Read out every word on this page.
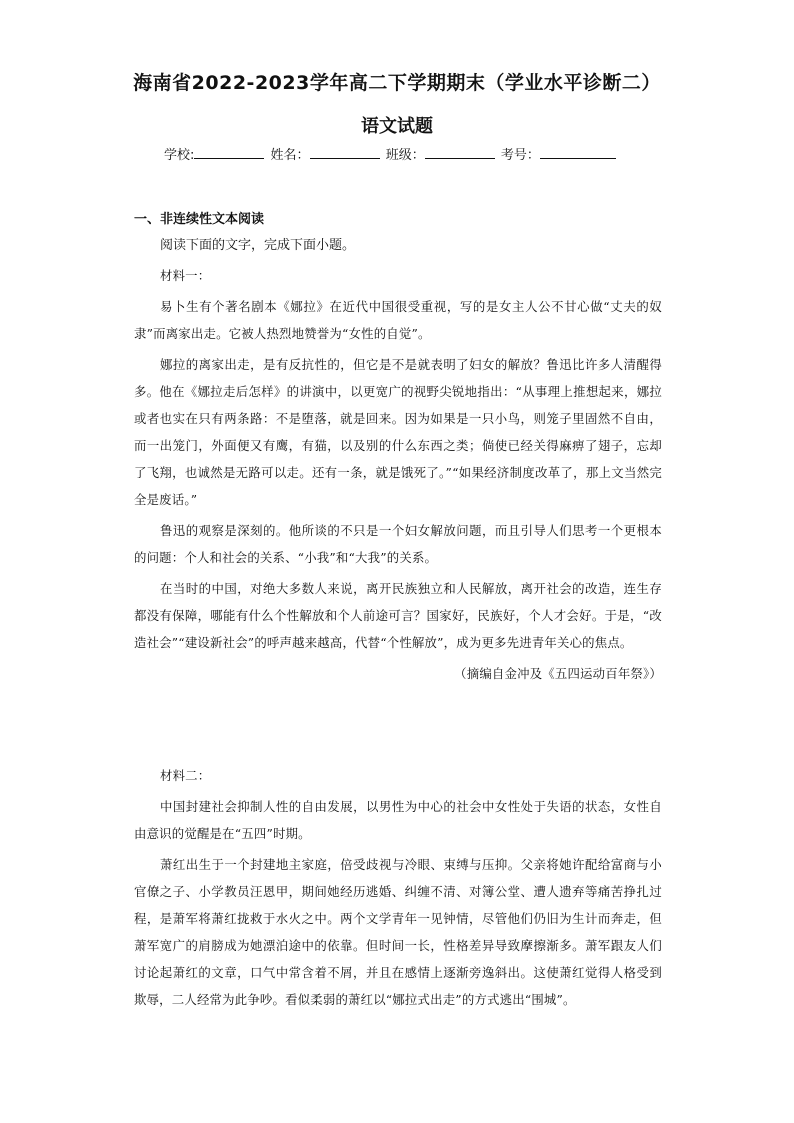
海南省2022-2023学年高二下学期期末（学业水平诊断二）
语文试题
学校:	姓名：	班级：	考号：
一、非连续性文本阅读
阅读下面的文字，完成下面小题。

材料一：

易卜生有个著名剧本《娜拉》在近代中国很受重视，写的是女主人公不甘心做“丈夫的奴隶”而离家出走。它被人热烈地赞誉为“女性的自觉”。

娜拉的离家出走，是有反抗性的，但它是不是就表明了妇女的解放？鲁迅比许多人清醒得多。他在《娜拉走后怎样》的讲演中，以更宽广的视野尖锐地指出：“从事理上推想起来，娜拉或者也实在只有两条路：不是堕落，就是回来。因为如果是一只小鸟，则笼子里固然不自由，而一出笼门，外面便又有鹰，有猫，以及别的什么东西之类；倘使已经关得麻痹了翅子，忘却了飞翔，也诚然是无路可以走。还有一条，就是饿死了。”“如果经济制度改革了，那上文当然完全是废话。”

鲁迅的观察是深刻的。他所谈的不只是一个妇女解放问题，而且引导人们思考一个更根本的问题：个人和社会的关系、“小我”和“大我”的关系。

在当时的中国，对绝大多数人来说，离开民族独立和人民解放，离开社会的改造，连生存都没有保障，哪能有什么个性解放和个人前途可言？国家好，民族好，个人才会好。于是，“改造社会”“建设新社会”的呼声越来越高，代替“个性解放”，成为更多先进青年关心的焦点。

（摘编自金冲及《五四运动百年祭》）

材料二：

中国封建社会抑制人性的自由发展，以男性为中心的社会中女性处于失语的状态，女性自由意识的觉醒是在“五四”时期。

萧红出生于一个封建地主家庭，倍受歧视与冷眼、束缚与压抑。父亲将她许配给富商与小官僚之子、小学教员汪恩甲，期间她经历逃婚、纠缠不清、对簿公堂、遭人遗弃等痛苦挣扎过程，是萧军将萧红拢救于水火之中。两个文学青年一见钟情，尽管他们仍旧为生计而奔走，但萧军宽广的肩膀成为她漂泊途中的依靠。但时间一长，性格差异导致摩擦渐多。萧军跟友人们讨论起萧红的文章，口气中常含着不屑，并且在感情上逐渐旁逸斜出。这使萧红觉得人格受到欺辱，二人经常为此争吵。看似柔弱的萧红以“娜拉式出走”的方式逃出“围城”。
